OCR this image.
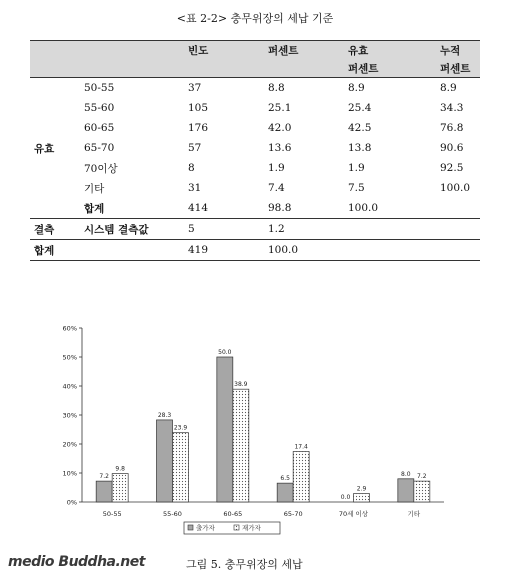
<표 2-2> 충무위장의 세납 기준
		빈도	퍼센트	유효	누적
				퍼센트	퍼센트
유효	50-55	37	8.8	8.9	8.9
	55-60	105	25.1	25.4	34.3
	60-65	176	42.0	42.5	76.8
	65-70	57	13.6	13.8	90.6
	70이상	8	1.9	1.9	92.5
	기타	31	7.4	7.5	100.0
	합계	414	98.8	100.0	
결측	시스템 결측값	5	1.2		
합계		419	100.0		
0%
10%
20%
30%
40%
50%
60%
50-55
7.2
9.8
55-60
28.3
23.9
60-65
50.0
38.9
65-70
6.5
17.4
70세 이상
0.0
2.9
기타
8.0 7.2
출가자	재가자
medio Buddha.net	그림 5. 충무위장의 세납
